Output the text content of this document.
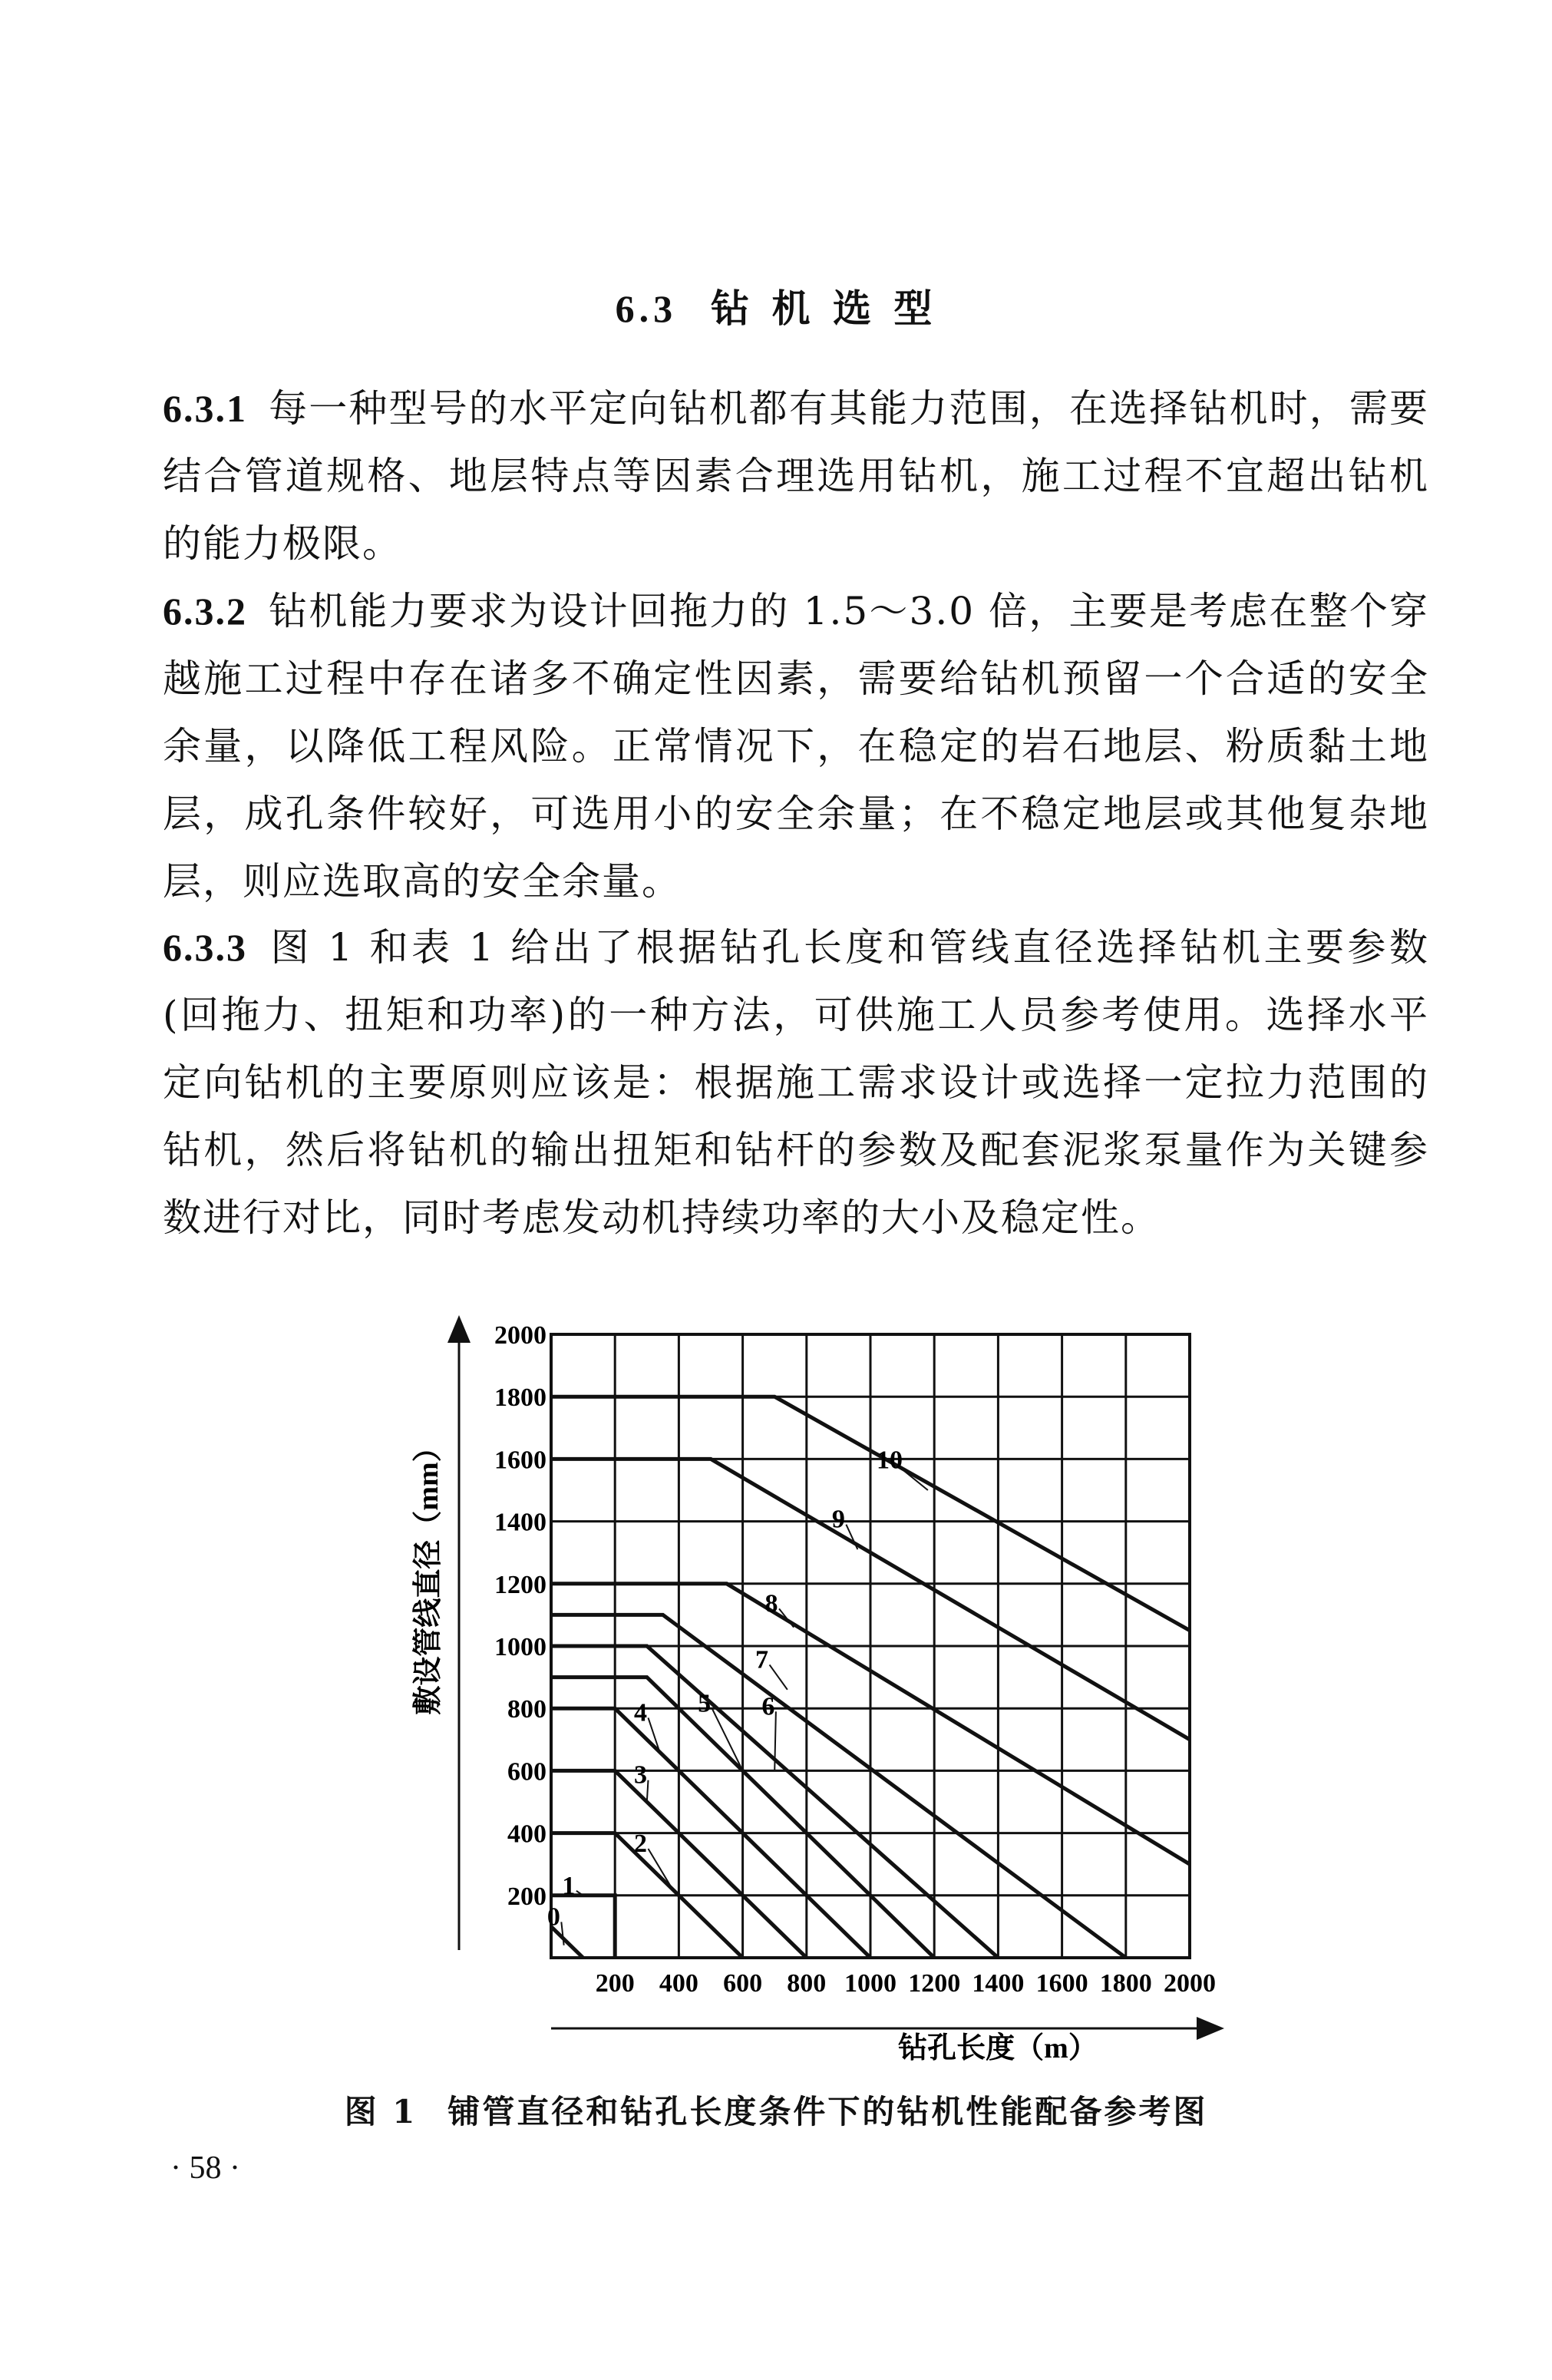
6.3 钻 机 选 型
6.3.1 每一种型号的水平定向钻机都有其能力范围，在选择钻机时，需要结合管道规格、地层特点等因素合理选用钻机，施工过程不宜超出钻机的能力极限。
6.3.2 钻机能力要求为设计回拖力的 1.5～3.0 倍，主要是考虑在整个穿越施工过程中存在诸多不确定性因素，需要给钻机预留一个合适的安全余量，以降低工程风险。正常情况下，在稳定的岩石地层、粉质黏土地层，成孔条件较好，可选用小的安全余量；在不稳定地层或其他复杂地层，则应选取高的安全余量。
6.3.3 图 1 和表 1 给出了根据钻孔长度和管线直径选择钻机主要参数(回拖力、扭矩和功率)的一种方法，可供施工人员参考使用。选择水平定向钻机的主要原则应该是：根据施工需求设计或选择一定拉力范围的钻机，然后将钻机的输出扭矩和钻杆的参数及配套泥浆泵量作为关键参数进行对比，同时考虑发动机持续功率的大小及稳定性。
0
1
2
3
4 5 6
7
8
9
10
200
400
600
800
1000
1200
1400
1600
1800
2000
200 400 600 800 1000 1200 1400 1600 1800 2000
钻孔长度（m）
敷设管线直径（mm）
图 1 铺管直径和钻孔长度条件下的钻机性能配备参考图
· 58 ·
